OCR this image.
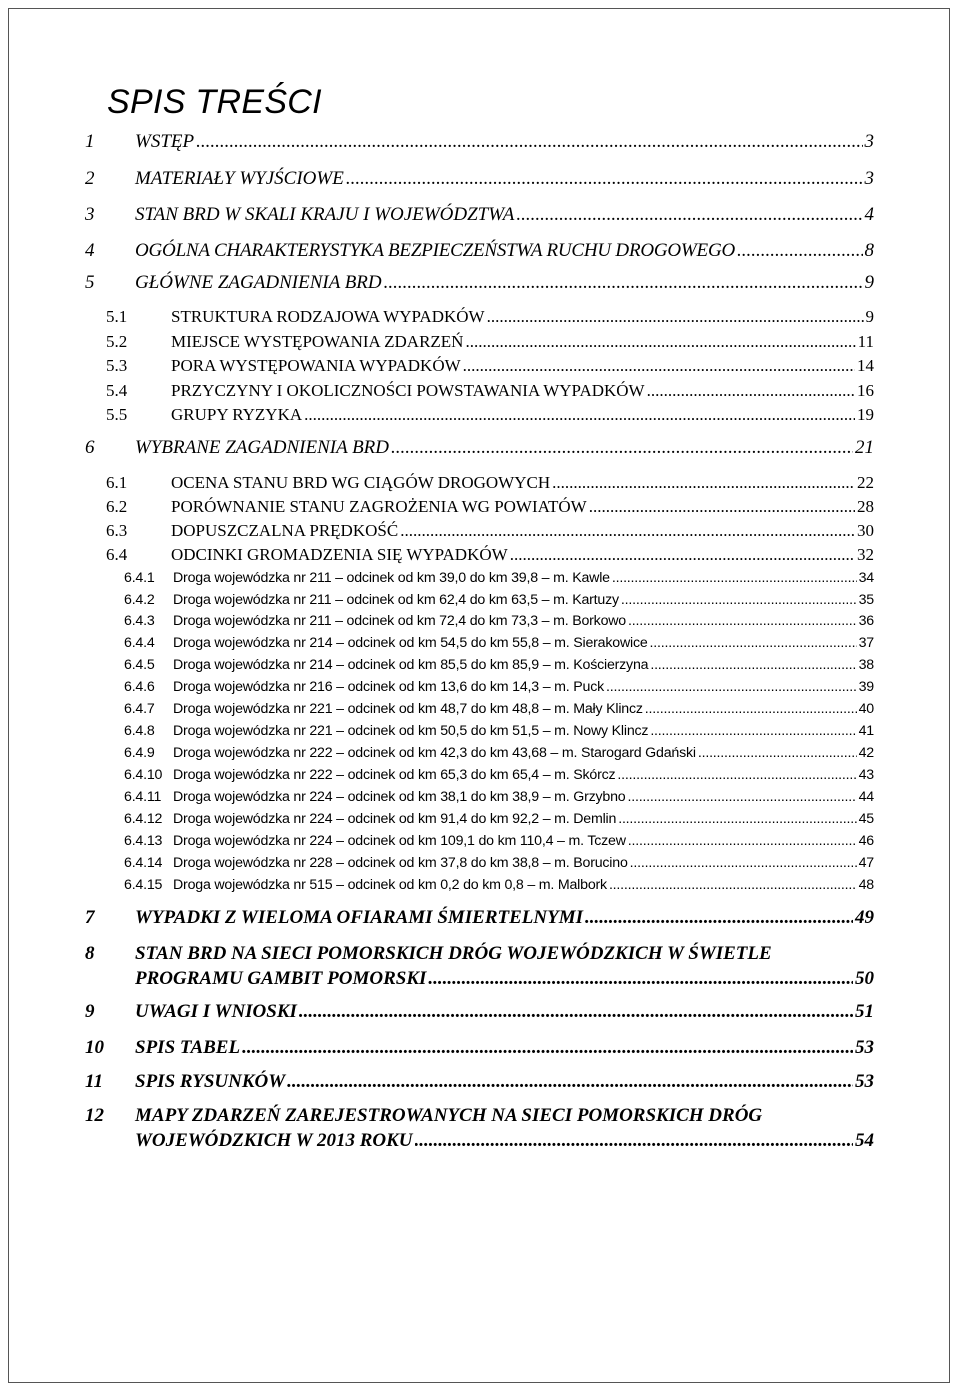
SPIS TREŚCI
1 WSTĘP .....	3
2 MATERIAŁY WYJŚCIOWE .....	3
3 STAN BRD W SKALI KRAJU I WOJEWÓDZTWA .....	4
4 OGÓLNA CHARAKTERYSTYKA BEZPIECZEŃSTWA RUCHU DROGOWEGO .....	8
5 GŁÓWNE ZAGADNIENIA BRD .....	9
5.1	STRUKTURA RODZAJOWA WYPADKÓW .....	9
5.2	MIEJSCE WYSTĘPOWANIA ZDARZEŃ .....	11
5.3	PORA WYSTĘPOWANIA WYPADKÓW .....	14
5.4	PRZYCZYNY I OKOLICZNOŚCI POWSTAWANIA WYPADKÓW .....	16
5.5	GRUPY RYZYKA .....	19
6 WYBRANE ZAGADNIENIA BRD .....	21
6.1	OCENA STANU BRD WG CIĄGÓW DROGOWYCH .....	22
6.2	PORÓWNANIE STANU ZAGROŻENIA WG POWIATÓW .....	28
6.3	DOPUSZCZALNA PRĘDKOŚĆ .....	30
6.4	ODCINKI GROMADZENIA SIĘ WYPADKÓW .....	32
6.4.1 Droga wojewódzka nr 211 – odcinek od km 39,0 do km 39,8 – m. Kawle .....	34
6.4.2 Droga wojewódzka nr 211 – odcinek od km 62,4 do km 63,5 – m. Kartuzy .....	35
6.4.3 Droga wojewódzka nr 211 – odcinek od km 72,4 do km 73,3 – m. Borkowo .....	36
6.4.4 Droga wojewódzka nr 214 – odcinek od km 54,5 do km 55,8 – m. Sierakowice .....	37
6.4.5 Droga wojewódzka nr 214 – odcinek od km 85,5 do km 85,9 – m. Kościerzyna .....	38
6.4.6 Droga wojewódzka nr 216 – odcinek od km 13,6 do km 14,3 – m. Puck .....	39
6.4.7 Droga wojewódzka nr 221 – odcinek od km 48,7 do km 48,8 – m. Mały Klincz .....	40
6.4.8 Droga wojewódzka nr 221 – odcinek od km 50,5 do km 51,5 – m. Nowy Klincz .....	41
6.4.9 Droga wojewódzka nr 222 – odcinek od km 42,3 do km 43,68 – m. Starogard Gdański .....	42
6.4.10 Droga wojewódzka nr 222 – odcinek od km 65,3 do km 65,4 – m. Skórcz .....	43
6.4.11 Droga wojewódzka nr 224 – odcinek od km 38,1 do km 38,9 – m. Grzybno .....	44
6.4.12 Droga wojewódzka nr 224 – odcinek od km 91,4 do km 92,2 – m. Demlin .....	45
6.4.13 Droga wojewódzka nr 224 – odcinek od km 109,1 do km 110,4 – m. Tczew .....	46
6.4.14 Droga wojewódzka nr 228 – odcinek od km 37,8 do km 38,8 – m. Borucino .....	47
6.4.15 Droga wojewódzka nr 515 – odcinek od km 0,2 do km 0,8 – m. Malbork .....	48
7 WYPADKI Z WIELOMA OFIARAMI ŚMIERTELNYMI .....	49
8 STAN BRD NA SIECI POMORSKICH DRÓG WOJEWÓDZKICH W ŚWIETLE
PROGRAMU GAMBIT POMORSKI .....	50
9 UWAGI I WNIOSKI .....	51
10 SPIS TABEL .....	53
11 SPIS RYSUNKÓW .....	53
12 MAPY ZDARZEŃ ZAREJESTROWANYCH NA SIECI POMORSKICH DRÓG
WOJEWÓDZKICH W 2013 ROKU .....	54
